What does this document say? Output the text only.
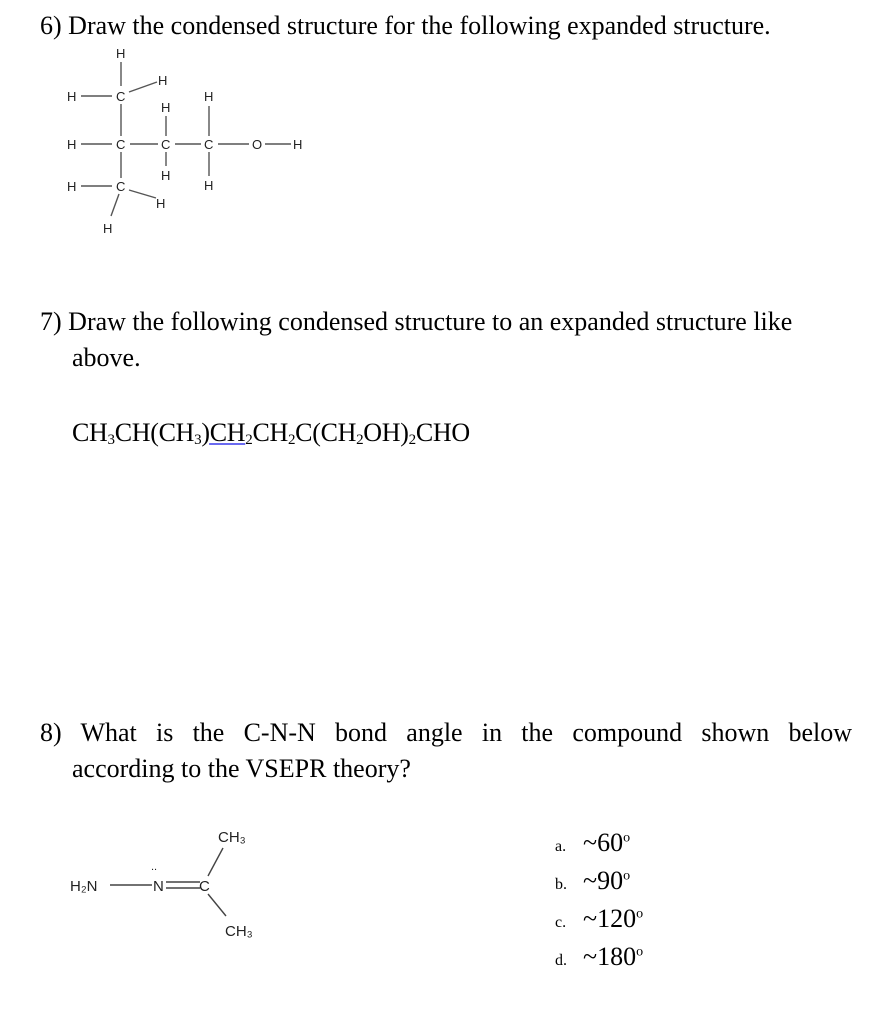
6) Draw the condensed structure for the following expanded structure.
H
H	C
H
H
H
H	C	C	C	O H
H
H
H	C
H
H
7) Draw the following condensed structure to an expanded structure like
above.
$CH_3CH(CH_3)CH_2CH_2C(CH_2OH)_2CHO$
8) What is the C-N-N bond angle in the compound shown below
according to the VSEPR theory?
H₂N	N
..
C
CH₃
CH₃
a. ~60$^o$
b. ~90$^o$
c. ~120$^o$
d. ~180$^o$
